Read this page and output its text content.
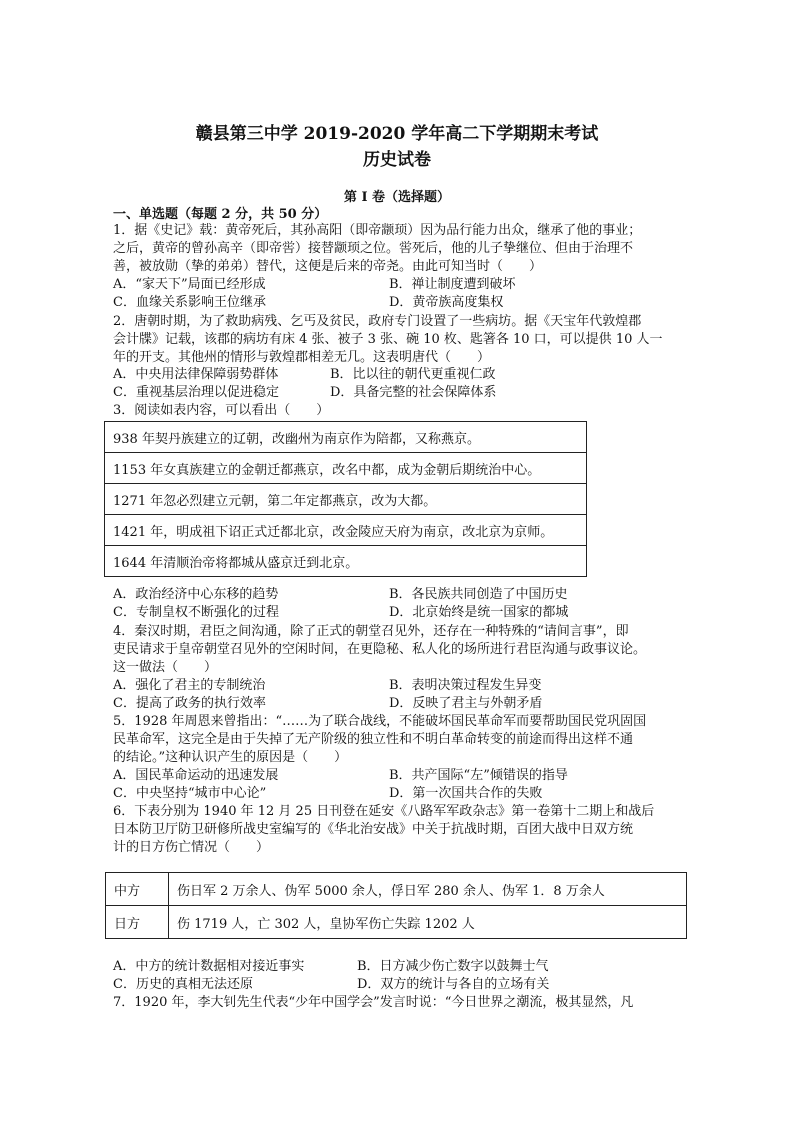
赣县第三中学 2019-2020 学年高二下学期期末考试
历史试卷
第 I 卷（选择题）
一、单选题（每题 2 分，共 50 分）
1．据《史记》载：黄帝死后，其孙高阳（即帝颛顼）因为品行能力出众，继承了他的事业；
之后，黄帝的曾孙高辛（即帝喾）接替颛顼之位。喾死后，他的儿子挚继位、但由于治理不
善，被放勋（挚的弟弟）替代，这便是后来的帝尧。由此可知当时（　　）
A．“家天下”局面已经形成	B．禅让制度遭到破坏
C．血缘关系影响王位继承	D．黄帝族高度集权
2．唐朝时期，为了救助病残、乞丐及贫民，政府专门设置了一些病坊。据《天宝年代敦煌郡
会计牒》记载，该郡的病坊有床 4 张、被子 3 张、碗 10 枚、匙箸各 10 口，可以提供 10 人一
年的开支。其他州的情形与敦煌郡相差无几。这表明唐代（　　）
A．中央用法律保障弱势群体	B．比以往的朝代更重视仁政
C．重视基层治理以促进稳定	D．具备完整的社会保障体系
3．阅读如表内容，可以看出（　　）
938 年契丹族建立的辽朝，改幽州为南京作为陪都，又称燕京。
1153 年女真族建立的金朝迁都燕京，改名中都，成为金朝后期统治中心。
1271 年忽必烈建立元朝，第二年定都燕京，改为大都。
1421 年，明成祖下诏正式迁都北京，改金陵应天府为南京，改北京为京师。
1644 年清顺治帝将都城从盛京迁到北京。
A．政治经济中心东移的趋势	B．各民族共同创造了中国历史
C．专制皇权不断强化的过程	D．北京始终是统一国家的都城
4．秦汉时期，君臣之间沟通，除了正式的朝堂召见外，还存在一种特殊的“请间言事”，即
吏民请求于皇帝朝堂召见外的空闲时间，在更隐秘、私人化的场所进行君臣沟通与政事议论。
这一做法（　　）
A．强化了君主的专制统治	B．表明决策过程发生异变
C．提高了政务的执行效率	D．反映了君主与外朝矛盾
5．1928 年周恩来曾指出：“……为了联合战线，不能破坏国民革命军而要帮助国民党巩固国
民革命军，这完全是由于失掉了无产阶级的独立性和不明白革命转变的前途而得出这样不通
的结论。”这种认识产生的原因是（　　）
A．国民革命运动的迅速发展	B．共产国际“左”倾错误的指导
C．中央坚持“城市中心论”	D．第一次国共合作的失败
6．下表分别为 1940 年 12 月 25 日刊登在延安《八路军军政杂志》第一卷第十二期上和战后
日本防卫厅防卫研修所战史室编写的《华北治安战》中关于抗战时期，百团大战中日双方统
计的日方伤亡情况（　　）
中方	伤日军 2 万余人、伪军 5000 余人，俘日军 280 余人、伪军 1．8 万余人
日方	伤 1719 人，亡 302 人，皇协军伤亡失踪 1202 人
A．中方的统计数据相对接近事实	B．日方减少伤亡数字以鼓舞士气
C．历史的真相无法还原	D．双方的统计与各自的立场有关
7．1920 年，李大钊先生代表“少年中国学会”发言时说：“今日世界之潮流，极其显然，凡
